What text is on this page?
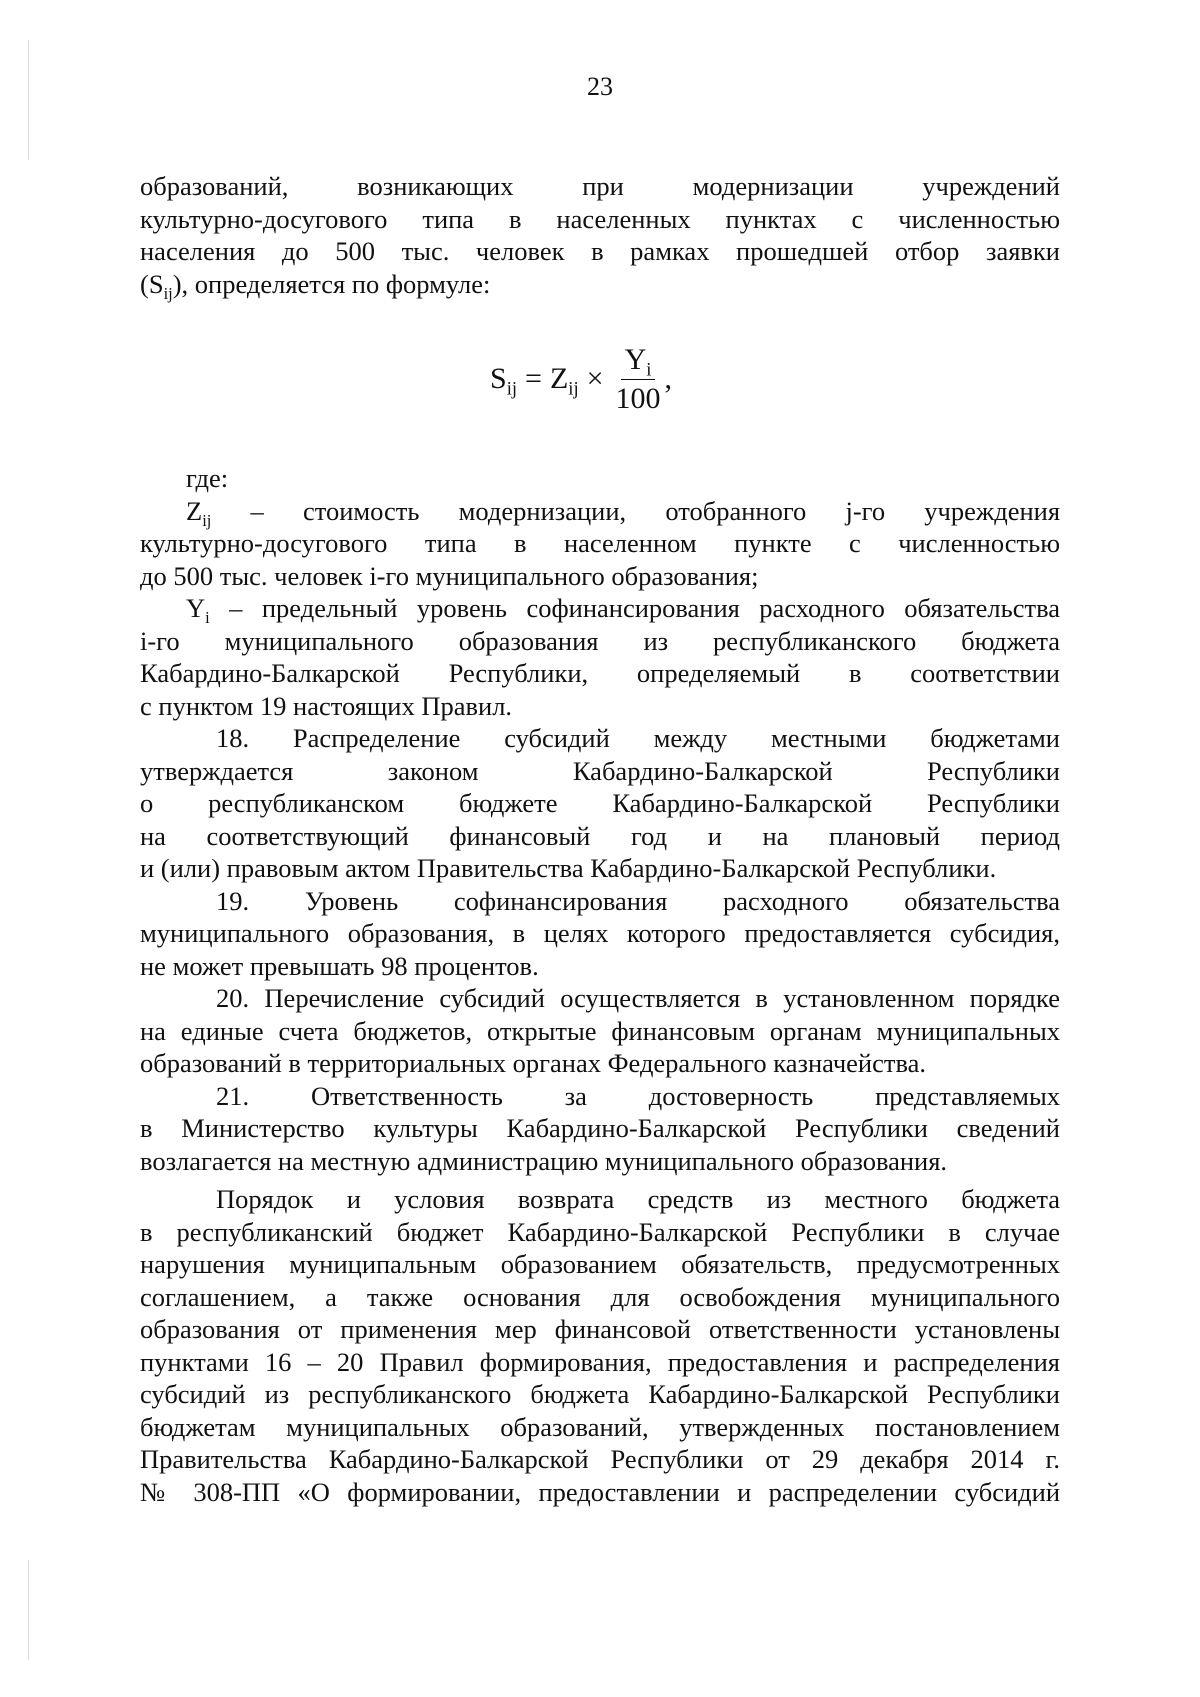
23

образований, возникающих при модернизации учреждений

культурно-досугового типа в населенных пунктах с численностью

населения до 500 тыс. человек в рамках прошедшей отбор заявки

$(S_{ij})$, определяется по формуле:

$S_{ij} = Z_{ij} \times \frac{Y_i}{100}$ ,

где:

$Z_{ij}$ – стоимость модернизации, отобранного j-го учреждения

культурно-досугового типа в населенном пункте с численностью

до 500 тыс. человек i-го муниципального образования;

$Y_i$ – предельный уровень софинансирования расходного обязательства

i-го муниципального образования из республиканского бюджета

Кабардино-Балкарской Республики, определяемый в соответствии

с пунктом 19 настоящих Правил.

18. Распределение субсидий между местными бюджетами

утверждается законом Кабардино-Балкарской Республики

о республиканском бюджете Кабардино-Балкарской Республики

на соответствующий финансовый год и на плановый период

и (или) правовым актом Правительства Кабардино-Балкарской Республики.

19. Уровень софинансирования расходного обязательства

муниципального образования, в целях которого предоставляется субсидия,

не может превышать 98 процентов.

20. Перечисление субсидий осуществляется в установленном порядке

на единые счета бюджетов, открытые финансовым органам муниципальных

образований в территориальных органах Федерального казначейства.

21. Ответственность за достоверность представляемых

в Министерство культуры Кабардино-Балкарской Республики сведений

возлагается на местную администрацию муниципального образования.

Порядок и условия возврата средств из местного бюджета

в республиканский бюджет Кабардино-Балкарской Республики в случае

нарушения муниципальным образованием обязательств, предусмотренных

соглашением, а также основания для освобождения муниципального

образования от применения мер финансовой ответственности установлены

пунктами 16 – 20 Правил формирования, предоставления и распределения

субсидий из республиканского бюджета Кабардино-Балкарской Республики

бюджетам муниципальных образований, утвержденных постановлением

Правительства Кабардино-Балкарской Республики от 29 декабря 2014 г.

№ 308-ПП «О формировании, предоставлении и распределении субсидий
